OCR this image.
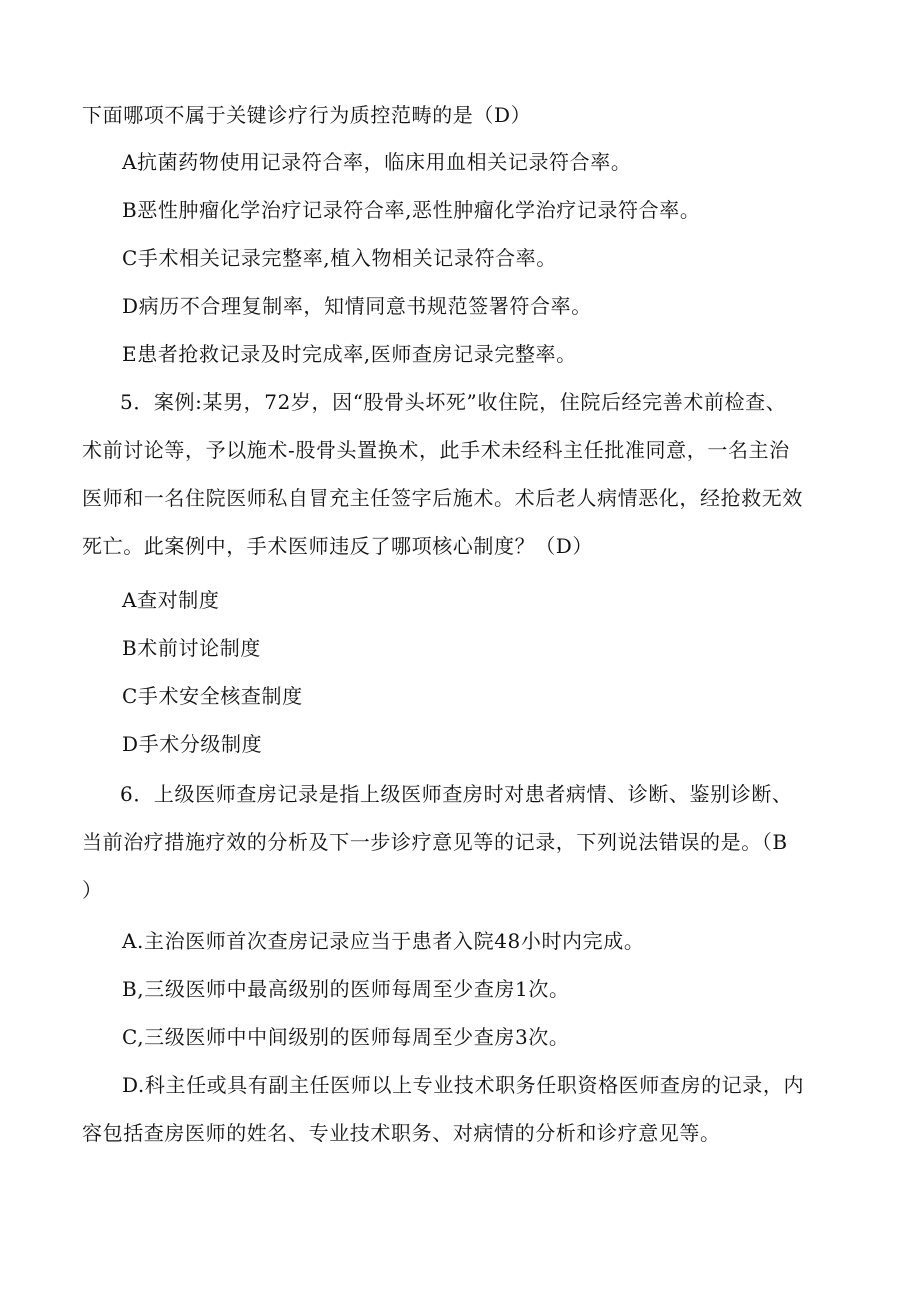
下面哪项不属于关键诊疗行为质控范畴的是（D）
A抗菌药物使用记录符合率，临床用血相关记录符合率。
B恶性肿瘤化学治疗记录符合率,恶性肿瘤化学治疗记录符合率。
C手术相关记录完整率,植入物相关记录符合率。
D病历不合理复制率，知情同意书规范签署符合率。
E患者抢救记录及时完成率,医师查房记录完整率。
5．案例:某男，72岁，因“股骨头坏死”收住院，住院后经完善术前检查、
术前讨论等，予以施术-股骨头置换术，此手术未经科主任批准同意，一名主治
医师和一名住院医师私自冒充主任签字后施术。术后老人病情恶化，经抢救无效
死亡。此案例中，手术医师违反了哪项核心制度？（D）
A查对制度
B术前讨论制度
C手术安全核查制度
D手术分级制度
6．上级医师查房记录是指上级医师查房时对患者病情、诊断、鉴别诊断、
当前治疗措施疗效的分析及下一步诊疗意见等的记录，下列说法错误的是。（B
）
A.主治医师首次查房记录应当于患者入院48小时内完成。
B,三级医师中最高级别的医师每周至少查房1次。
C,三级医师中中间级别的医师每周至少查房3次。
D.科主任或具有副主任医师以上专业技术职务任职资格医师查房的记录，内
容包括查房医师的姓名、专业技术职务、对病情的分析和诊疗意见等。
